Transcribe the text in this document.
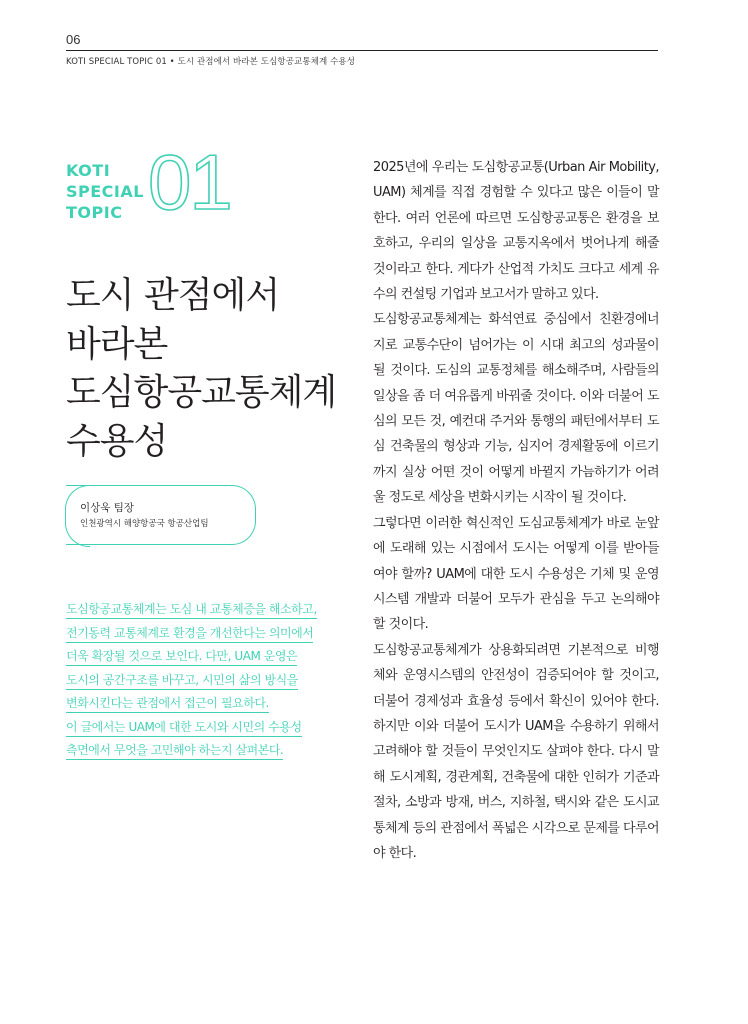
06
KOTI SPECIAL TOPIC 01 • 도시 관점에서 바라본 도심항공교통체계 수용성
KOTI
SPECIAL
TOPIC 01
도시 관점에서
바라본
도심항공교통체계
수용성
이상욱 팀장
인천광역시 해양항공국 항공산업팀
도심항공교통체계는 도심 내 교통체증을 해소하고,
전기동력 교통체계로 환경을 개선한다는 의미에서
더욱 확장될 것으로 보인다. 다만, UAM 운영은
도시의 공간구조를 바꾸고, 시민의 삶의 방식을
변화시킨다는 관점에서 접근이 필요하다.
이 글에서는 UAM에 대한 도시와 시민의 수용성
측면에서 무엇을 고민해야 하는지 살펴본다.

2025년에 우리는 도심항공교통(Urban Air Mobility, UAM) 체계를 직접 경험할 수 있다고 많은 이들이 말한다. 여러 언론에 따르면 도심항공교통은 환경을 보호하고, 우리의 일상을 교통지옥에서 벗어나게 해줄 것이라고 한다. 게다가 산업적 가치도 크다고 세계 유수의 컨설팅 기업과 보고서가 말하고 있다.

도심항공교통체계는 화석연료 중심에서 친환경에너지로 교통수단이 넘어가는 이 시대 최고의 성과물이 될 것이다. 도심의 교통정체를 해소해주며, 사람들의 일상을 좀 더 여유롭게 바꿔줄 것이다. 이와 더불어 도심의 모든 것, 예컨대 주거와 통행의 패턴에서부터 도심 건축물의 형상과 기능, 심지어 경제활동에 이르기까지 실상 어떤 것이 어떻게 바뀔지 가늠하기가 어려울 정도로 세상을 변화시키는 시작이 될 것이다.

그렇다면 이러한 혁신적인 도심교통체계가 바로 눈앞에 도래해 있는 시점에서 도시는 어떻게 이를 받아들여야 할까? UAM에 대한 도시 수용성은 기체 및 운영시스템 개발과 더불어 모두가 관심을 두고 논의해야 할 것이다.

도심항공교통체계가 상용화되려면 기본적으로 비행체와 운영시스템의 안전성이 검증되어야 할 것이고, 더불어 경제성과 효율성 등에서 확신이 있어야 한다. 하지만 이와 더불어 도시가 UAM을 수용하기 위해서 고려해야 할 것들이 무엇인지도 살펴야 한다. 다시 말해 도시계획, 경관계획, 건축물에 대한 인허가 기준과 절차, 소방과 방재, 버스, 지하철, 택시와 같은 도시교통체계 등의 관점에서 폭넓은 시각으로 문제를 다루어야 한다.
